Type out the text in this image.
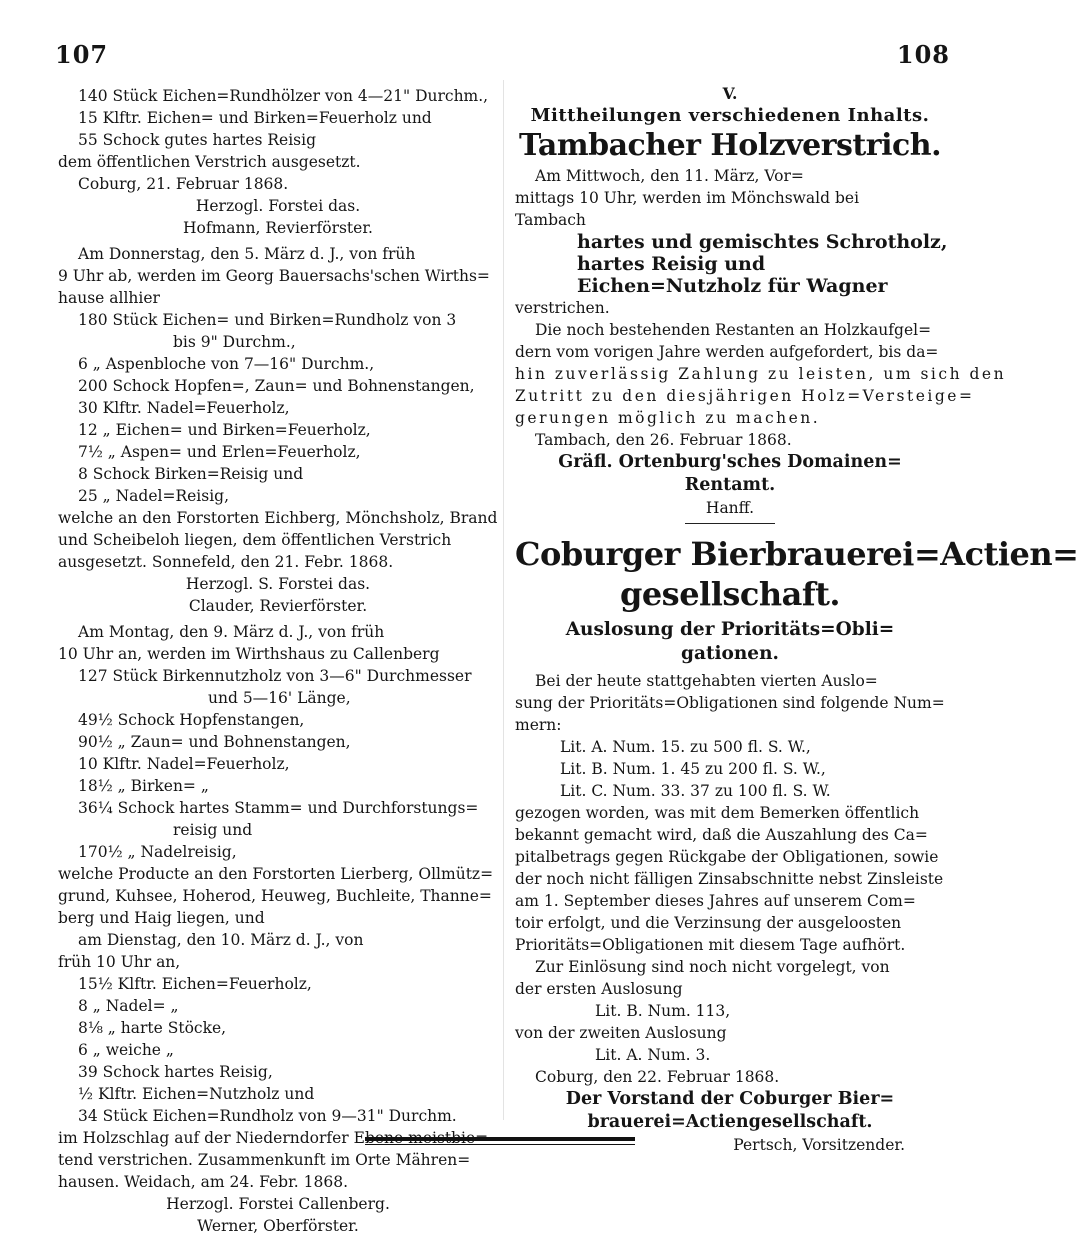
107	108

140 Stück Eichen=Rundhölzer von 4—21" Durchm.,

15 Klftr. Eichen= und Birken=Feuerholz und

55 Schock gutes hartes Reisig

dem öffentlichen Verstrich ausgesetzt.

Coburg, 21. Februar 1868.

Herzogl. Forstei das.

Hofmann, Revierförster.

Am Donnerstag, den 5. März d. J., von früh

9 Uhr ab, werden im Georg Bauersachs'schen Wirths=

hause allhier

180 Stück Eichen= und Birken=Rundholz von 3

bis 9" Durchm.,

6 „ Aspenbloche von 7—16" Durchm.,

200 Schock Hopfen=, Zaun= und Bohnenstangen,

30 Klftr. Nadel=Feuerholz,

12 „ Eichen= und Birken=Feuerholz,

7½ „ Aspen= und Erlen=Feuerholz,

8 Schock Birken=Reisig und

25 „ Nadel=Reisig,

welche an den Forstorten Eichberg, Mönchsholz, Brand

und Scheibeloh liegen, dem öffentlichen Verstrich

ausgesetzt. Sonnefeld, den 21. Febr. 1868.

Herzogl. S. Forstei das.

Clauder, Revierförster.

Am Montag, den 9. März d. J., von früh

10 Uhr an, werden im Wirthshaus zu Callenberg

127 Stück Birkennutzholz von 3—6" Durchmesser

und 5—16' Länge,

49½ Schock Hopfenstangen,

90½ „ Zaun= und Bohnenstangen,

10 Klftr. Nadel=Feuerholz,

18½ „ Birken= „

36¼ Schock hartes Stamm= und Durchforstungs=

reisig und

170½ „ Nadelreisig,

welche Producte an den Forstorten Lierberg, Ollmütz=

grund, Kuhsee, Hoherod, Heuweg, Buchleite, Thanne=

berg und Haig liegen, und

am Dienstag, den 10. März d. J., von

früh 10 Uhr an,

15½ Klftr. Eichen=Feuerholz,

8 „ Nadel= „

8⅛ „ harte Stöcke,

6 „ weiche „

39 Schock hartes Reisig,

½ Klftr. Eichen=Nutzholz und

34 Stück Eichen=Rundholz von 9—31" Durchm.

im Holzschlag auf der Niederndorfer Ebene meistbie=

tend verstrichen. Zusammenkunft im Orte Mähren=

hausen. Weidach, am 24. Febr. 1868.

Herzogl. Forstei Callenberg.

Werner, Oberförster.

V.

Mittheilungen verschiedenen Inhalts.

Tambacher Holzverstrich.

Am Mittwoch, den 11. März, Vor=

mittags 10 Uhr, werden im Mönchswald bei

Tambach

hartes und gemischtes Schrotholz,

hartes Reisig und

Eichen=Nutzholz für Wagner

verstrichen.

Die noch bestehenden Restanten an Holzkaufgel=

dern vom vorigen Jahre werden aufgefordert, bis da=

hin zuverlässig Zahlung zu leisten, um sich den

Zutritt zu den diesjährigen Holz=Versteige=

gerungen möglich zu machen.

Tambach, den 26. Februar 1868.

Gräfl. Ortenburg'sches Domainen=

Rentamt.

Hanff.

Coburger Bierbrauerei=Actien=

gesellschaft.

Auslosung der Prioritäts=Obli=

gationen.

Bei der heute stattgehabten vierten Auslo=

sung der Prioritäts=Obligationen sind folgende Num=

mern:

Lit. A. Num. 15. zu 500 fl. S. W.,

Lit. B. Num. 1. 45 zu 200 fl. S. W.,

Lit. C. Num. 33. 37 zu 100 fl. S. W.

gezogen worden, was mit dem Bemerken öffentlich

bekannt gemacht wird, daß die Auszahlung des Ca=

pitalbetrags gegen Rückgabe der Obligationen, sowie

der noch nicht fälligen Zinsabschnitte nebst Zinsleiste

am 1. September dieses Jahres auf unserem Com=

toir erfolgt, und die Verzinsung der ausgeloosten

Prioritäts=Obligationen mit diesem Tage aufhört.

Zur Einlösung sind noch nicht vorgelegt, von

der ersten Auslosung

Lit. B. Num. 113,

von der zweiten Auslosung

Lit. A. Num. 3.

Coburg, den 22. Februar 1868.

Der Vorstand der Coburger Bier=

brauerei=Actiengesellschaft.

Pertsch, Vorsitzender.
